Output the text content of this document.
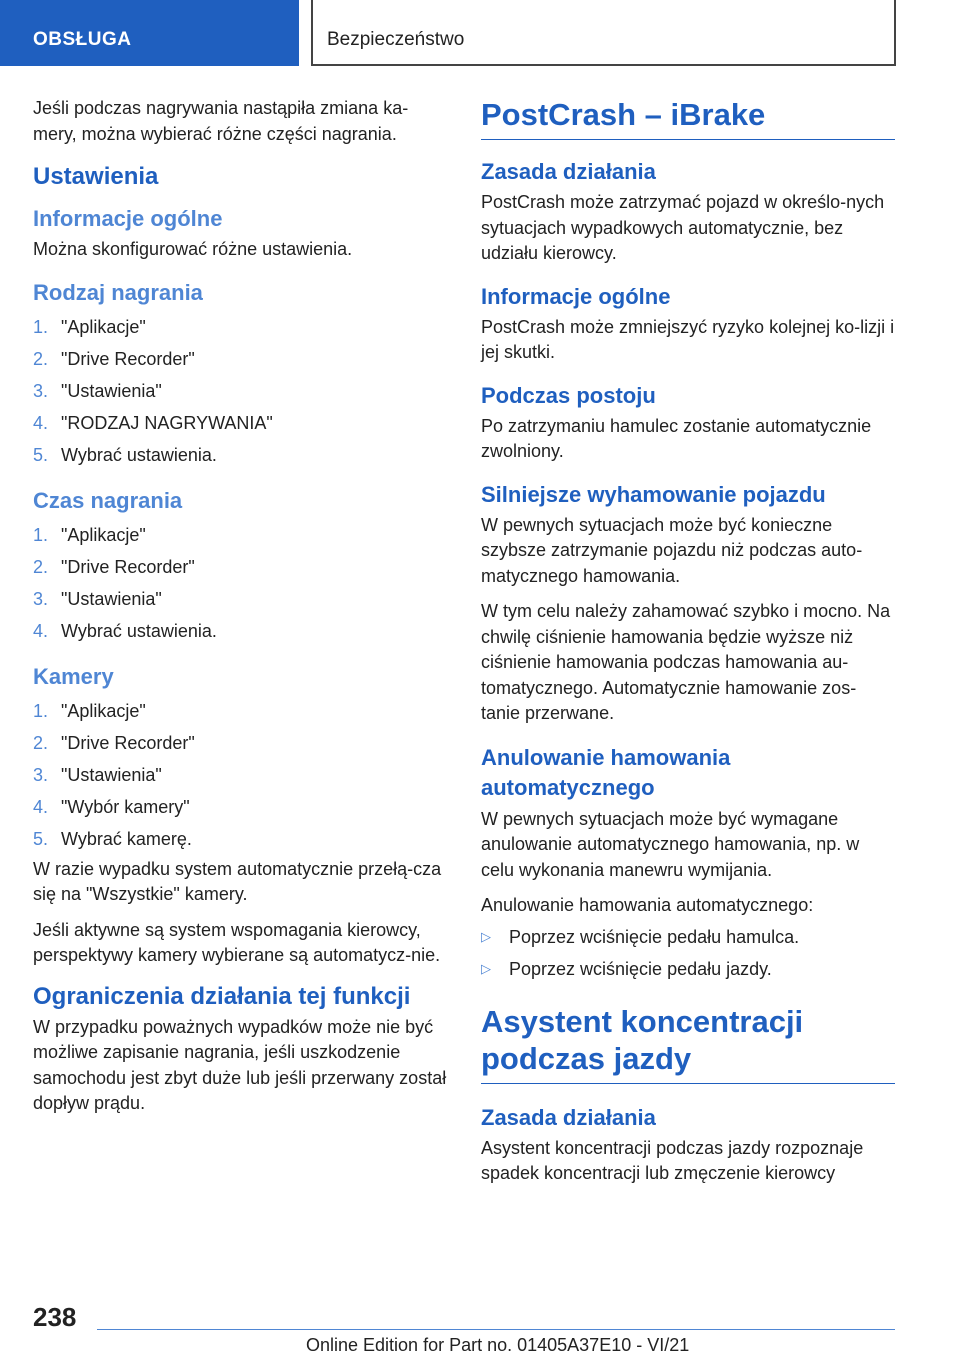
OBSŁUGA	Bezpieczeństwo

Jeśli podczas nagrywania nastąpiła zmiana ka-mery, można wybierać różne części nagrania.

Ustawienia
Informacje ogólne

Można skonfigurować różne ustawienia.

Rodzaj nagrania
1. "Aplikacje"
2. "Drive Recorder"
3. "Ustawienia"
4. "RODZAJ NAGRYWANIA"
5. Wybrać ustawienia.
Czas nagrania
1. "Aplikacje"
2. "Drive Recorder"
3. "Ustawienia"
4. Wybrać ustawienia.
Kamery
1. "Aplikacje"
2. "Drive Recorder"
3. "Ustawienia"
4. "Wybór kamery"
5. Wybrać kamerę.

W razie wypadku system automatycznie przełą-cza się na "Wszystkie" kamery.

Jeśli aktywne są system wspomagania kierowcy, perspektywy kamery wybierane są automatycz-nie.

Ograniczenia działania tej funkcji

W przypadku poważnych wypadków może nie być możliwe zapisanie nagrania, jeśli uszkodzenie samochodu jest zbyt duże lub jeśli przerwany został dopływ prądu.

PostCrash – iBrake
Zasada działania

PostCrash może zatrzymać pojazd w określo-nych sytuacjach wypadkowych automatycznie, bez udziału kierowcy.

Informacje ogólne

PostCrash może zmniejszyć ryzyko kolejnej ko-lizji i jej skutki.

Podczas postoju

Po zatrzymaniu hamulec zostanie automatycznie zwolniony.

Silniejsze wyhamowanie pojazdu

W pewnych sytuacjach może być konieczne szybsze zatrzymanie pojazdu niż podczas auto-matycznego hamowania.

W tym celu należy zahamować szybko i mocno. Na chwilę ciśnienie hamowania będzie wyższe niż ciśnienie hamowania podczas hamowania au-tomatycznego. Automatycznie hamowanie zos-tanie przerwane.

Anulowanie hamowania automatycznego

W pewnych sytuacjach może być wymagane anulowanie automatycznego hamowania, np. w celu wykonania manewru wymijania.

Anulowanie hamowania automatycznego:

▷	Poprzez wciśnięcie pedału hamulca.
▷	Poprzez wciśnięcie pedału jazdy.
Asystent koncentracji podczas jazdy
Zasada działania

Asystent koncentracji podczas jazdy rozpoznaje spadek koncentracji lub zmęczenie kierowcy

238
Online Edition for Part no. 01405A37E10 - VI/21
